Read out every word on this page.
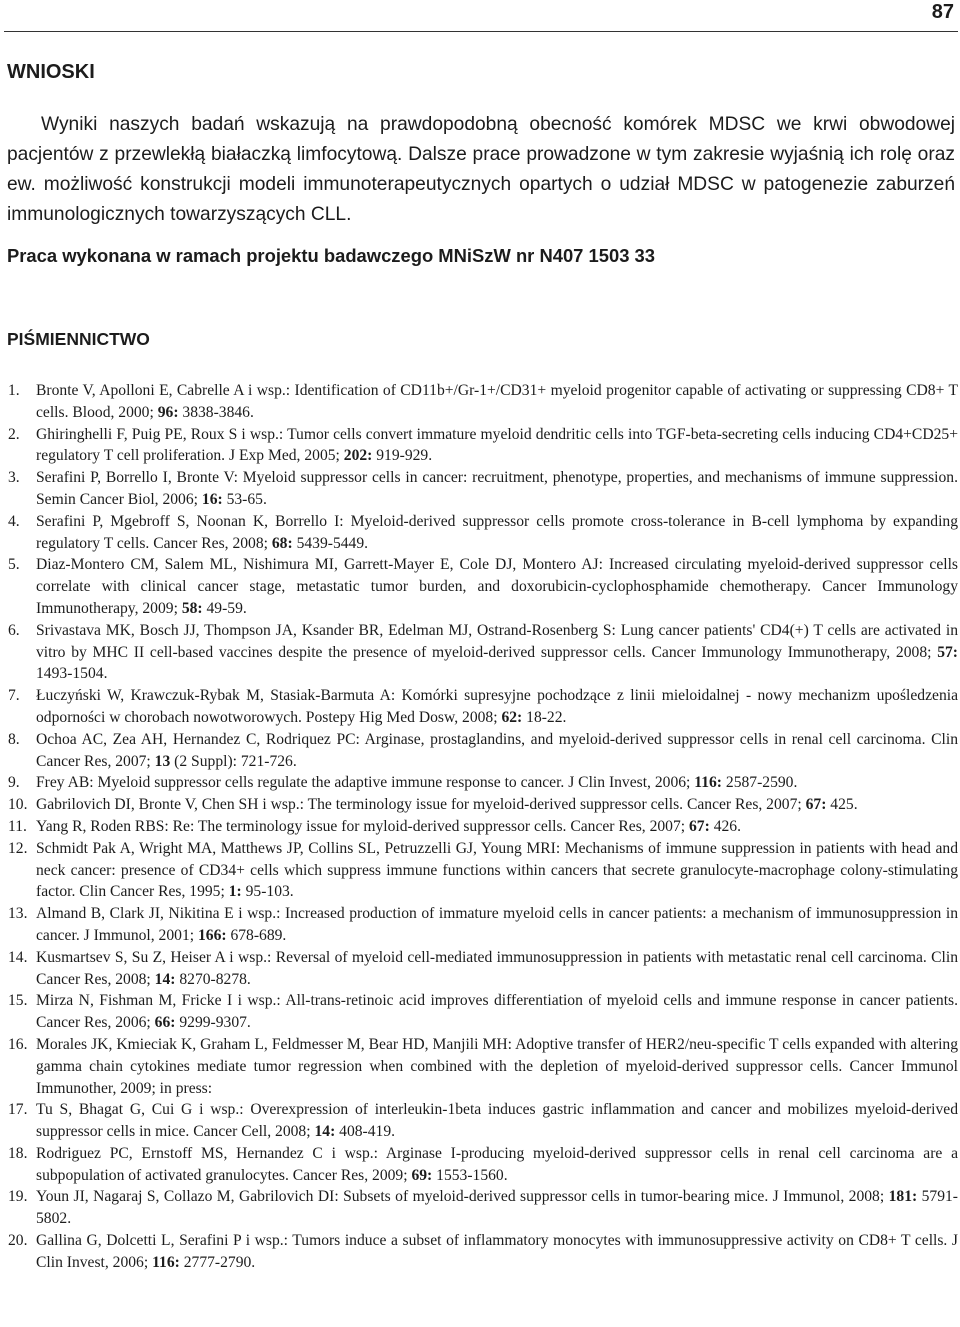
87
WNIOSKI

Wyniki naszych badań wskazują na prawdopodobną obecność komórek MDSC we krwi obwodowej pacjentów z przewlekłą białaczką limfocytową. Dalsze prace prowadzone w tym zakresie wyjaśnią ich rolę oraz ew. możliwość konstrukcji modeli immunoterapeutycznych opartych o udział MDSC w patogenezie zaburzeń immunologicznych towarzyszących CLL.

Praca wykonana w ramach projektu badawczego MNiSzW nr N407 1503 33

PIŚMIENNICTWO
1. Bronte V, Apolloni E, Cabrelle A i wsp.: Identification of CD11b+/Gr-1+/CD31+ myeloid progenitor capable of activating or suppressing CD8+ T cells. Blood, 2000; 96: 3838-3846.
2. Ghiringhelli F, Puig PE, Roux S i wsp.: Tumor cells convert immature myeloid dendritic cells into TGF-beta-secreting cells inducing CD4+CD25+ regulatory T cell proliferation. J Exp Med, 2005; 202: 919-929.
3. Serafini P, Borrello I, Bronte V: Myeloid suppressor cells in cancer: recruitment, phenotype, properties, and mechanisms of immune suppression. Semin Cancer Biol, 2006; 16: 53-65.
4. Serafini P, Mgebroff S, Noonan K, Borrello I: Myeloid-derived suppressor cells promote cross-tolerance in B-cell lymphoma by expanding regulatory T cells. Cancer Res, 2008; 68: 5439-5449.
5. Diaz-Montero CM, Salem ML, Nishimura MI, Garrett-Mayer E, Cole DJ, Montero AJ: Increased circulating myeloid-derived suppressor cells correlate with clinical cancer stage, metastatic tumor burden, and doxorubicin-cyclophosphamide chemotherapy. Cancer Immunology Immunotherapy, 2009; 58: 49-59.
6. Srivastava MK, Bosch JJ, Thompson JA, Ksander BR, Edelman MJ, Ostrand-Rosenberg S: Lung cancer patients' CD4(+) T cells are activated in vitro by MHC II cell-based vaccines despite the presence of myeloid-derived suppressor cells. Cancer Immunology Immunotherapy, 2008; 57: 1493-1504.
7. Łuczyński W, Krawczuk-Rybak M, Stasiak-Barmuta A: Komórki supresyjne pochodzące z linii mieloidalnej - nowy mechanizm upośledzenia odporności w chorobach nowotworowych. Postepy Hig Med Dosw, 2008; 62: 18-22.
8. Ochoa AC, Zea AH, Hernandez C, Rodriquez PC: Arginase, prostaglandins, and myeloid-derived suppressor cells in renal cell carcinoma. Clin Cancer Res, 2007; 13 (2 Suppl): 721-726.
9. Frey AB: Myeloid suppressor cells regulate the adaptive immune response to cancer. J Clin Invest, 2006; 116: 2587-2590.
10. Gabrilovich DI, Bronte V, Chen SH i wsp.: The terminology issue for myeloid-derived suppressor cells. Cancer Res, 2007; 67: 425.
11. Yang R, Roden RBS: Re: The terminology issue for myloid-derived suppressor cells. Cancer Res, 2007; 67: 426.
12. Schmidt Pak A, Wright MA, Matthews JP, Collins SL, Petruzzelli GJ, Young MRI: Mechanisms of immune suppression in patients with head and neck cancer: presence of CD34+ cells which suppress immune functions within cancers that secrete granulocyte-macrophage colony-stimulating factor. Clin Cancer Res, 1995; 1: 95-103.
13. Almand B, Clark JI, Nikitina E i wsp.: Increased production of immature myeloid cells in cancer patients: a mechanism of immunosuppression in cancer. J Immunol, 2001; 166: 678-689.
14. Kusmartsev S, Su Z, Heiser A i wsp.: Reversal of myeloid cell-mediated immunosuppression in patients with metastatic renal cell carcinoma. Clin Cancer Res, 2008; 14: 8270-8278.
15. Mirza N, Fishman M, Fricke I i wsp.: All-trans-retinoic acid improves differentiation of myeloid cells and immune response in cancer patients. Cancer Res, 2006; 66: 9299-9307.
16. Morales JK, Kmieciak K, Graham L, Feldmesser M, Bear HD, Manjili MH: Adoptive transfer of HER2/neu-specific T cells expanded with altering gamma chain cytokines mediate tumor regression when combined with the depletion of myeloid-derived suppressor cells. Cancer Immunol Immunother, 2009; in press:
17. Tu S, Bhagat G, Cui G i wsp.: Overexpression of interleukin-1beta induces gastric inflammation and cancer and mobilizes myeloid-derived suppressor cells in mice. Cancer Cell, 2008; 14: 408-419.
18. Rodriguez PC, Ernstoff MS, Hernandez C i wsp.: Arginase I-producing myeloid-derived suppressor cells in renal cell carcinoma are a subpopulation of activated granulocytes. Cancer Res, 2009; 69: 1553-1560.
19. Youn JI, Nagaraj S, Collazo M, Gabrilovich DI: Subsets of myeloid-derived suppressor cells in tumor-bearing mice. J Immunol, 2008; 181: 5791-5802.
20. Gallina G, Dolcetti L, Serafini P i wsp.: Tumors induce a subset of inflammatory monocytes with immunosuppressive activity on CD8+ T cells. J Clin Invest, 2006; 116: 2777-2790.
